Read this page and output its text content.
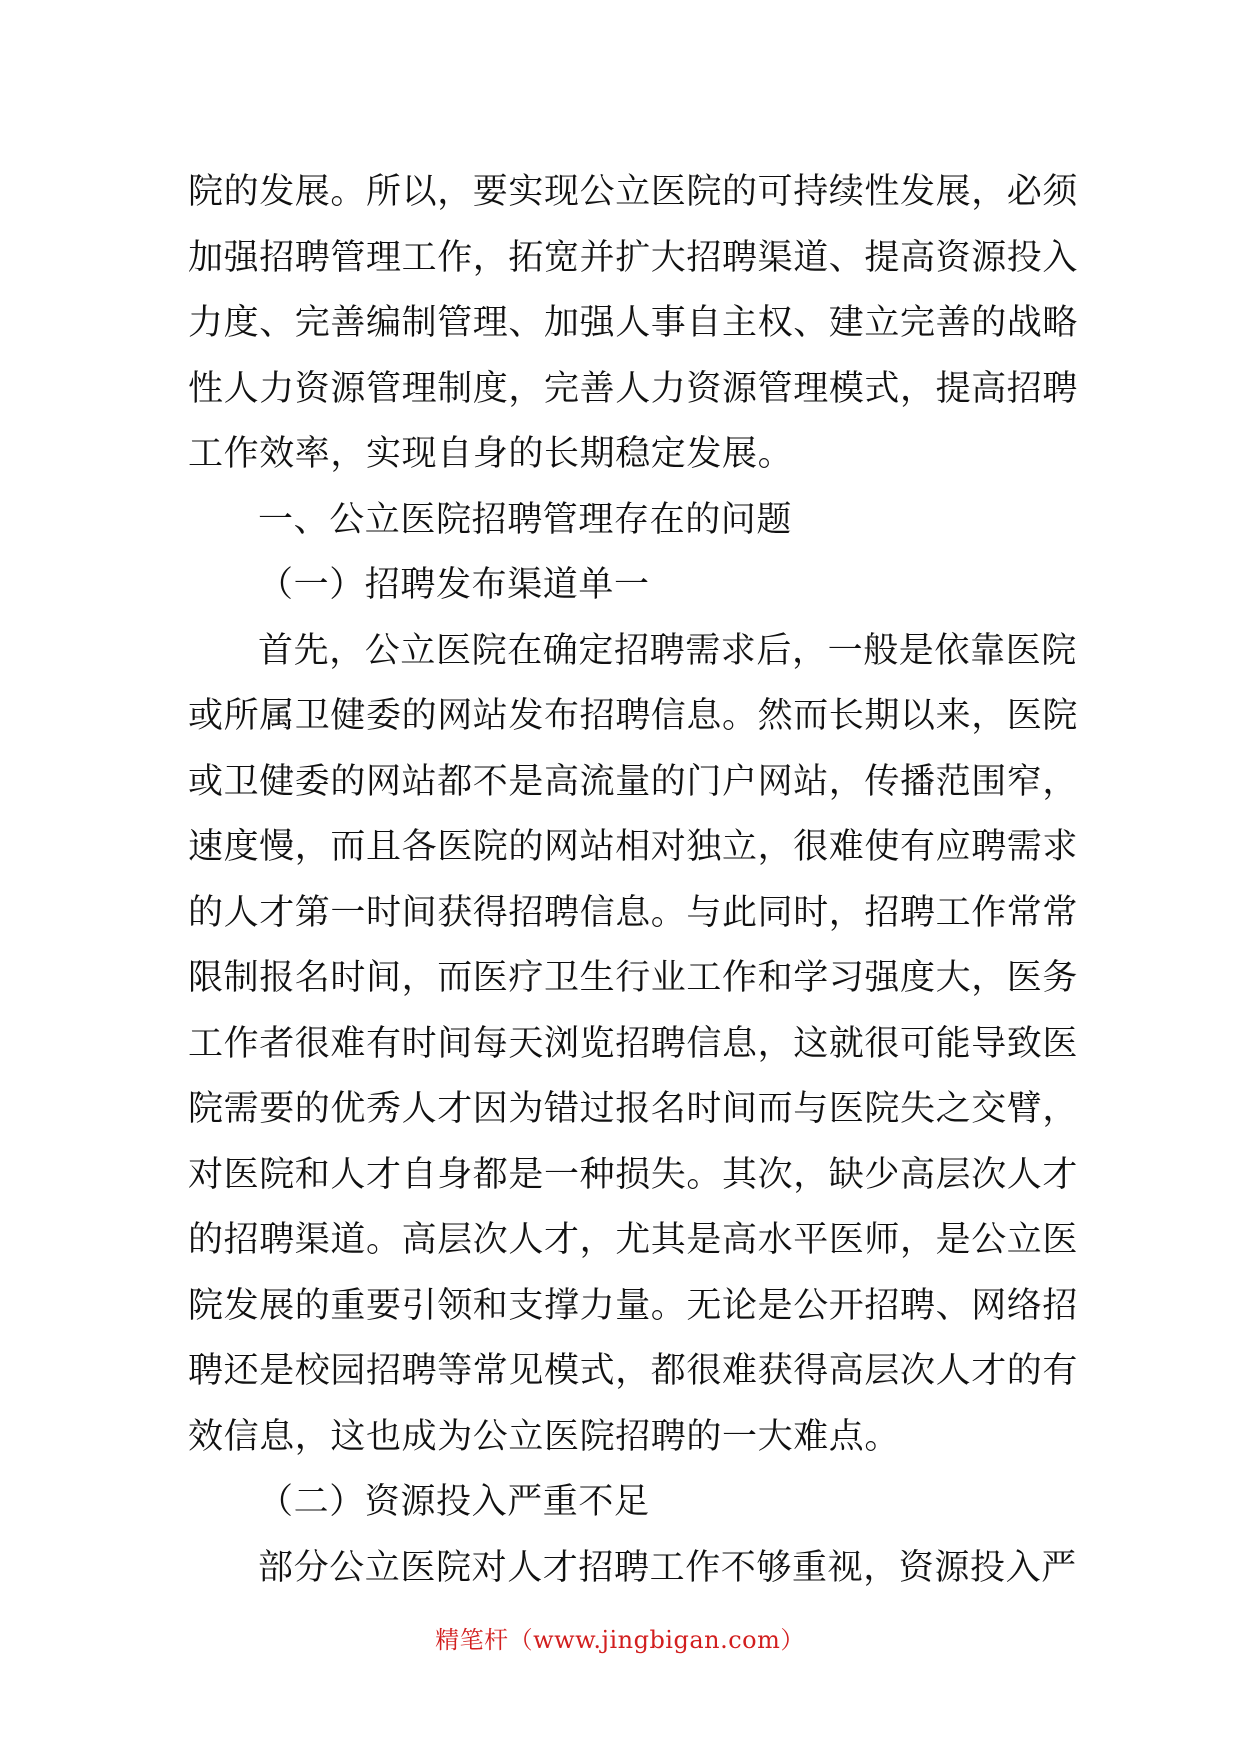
院的发展。所以，要实现公立医院的可持续性发展，必须
加强招聘管理工作，拓宽并扩大招聘渠道、提高资源投入
力度、完善编制管理、加强人事自主权、建立完善的战略
性人力资源管理制度，完善人力资源管理模式，提高招聘
工作效率，实现自身的长期稳定发展。
一、公立医院招聘管理存在的问题
（一）招聘发布渠道单一
首先，公立医院在确定招聘需求后，一般是依靠医院
或所属卫健委的网站发布招聘信息。然而长期以来，医院
或卫健委的网站都不是高流量的门户网站，传播范围窄，
速度慢，而且各医院的网站相对独立，很难使有应聘需求
的人才第一时间获得招聘信息。与此同时，招聘工作常常
限制报名时间，而医疗卫生行业工作和学习强度大，医务
工作者很难有时间每天浏览招聘信息，这就很可能导致医
院需要的优秀人才因为错过报名时间而与医院失之交臂，
对医院和人才自身都是一种损失。其次，缺少高层次人才
的招聘渠道。高层次人才，尤其是高水平医师，是公立医
院发展的重要引领和支撑力量。无论是公开招聘、网络招
聘还是校园招聘等常见模式，都很难获得高层次人才的有
效信息，这也成为公立医院招聘的一大难点。
（二）资源投入严重不足
部分公立医院对人才招聘工作不够重视，资源投入严
精笔杆（www.jingbigan.com）
